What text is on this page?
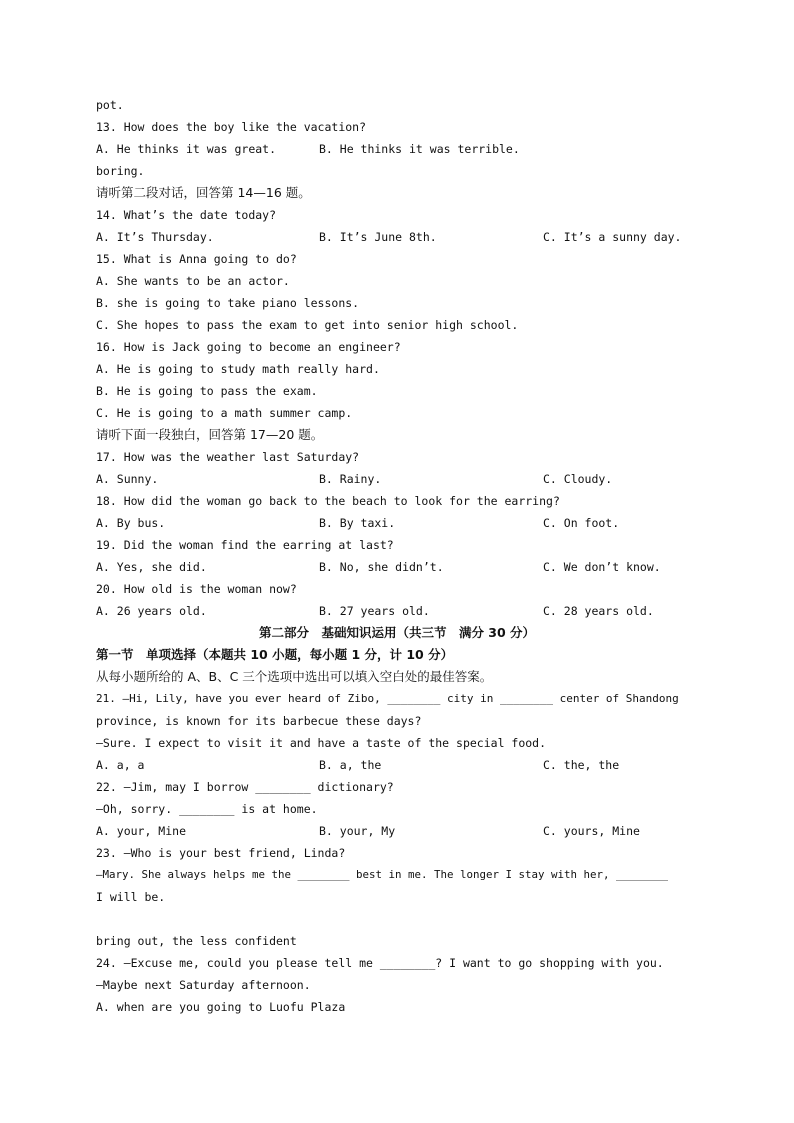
pot.
13. How does the boy like the vacation?
A. He thinks it was great.	B. He thinks it was terrible.

boring.
请听第二段对话，回答第 14—16 题。
14. What’s the date today?
A. It’s Thursday.	B. It’s June 8th.	C. It’s a sunny day.
15. What is Anna going to do?
A. She wants to be an actor.
B. she is going to take piano lessons.
C. She hopes to pass the exam to get into senior high school.
16. How is Jack going to become an engineer?
A. He is going to study math really hard.
B. He is going to pass the exam.
C. He is going to a math summer camp.
请听下面一段独白，回答第 17—20 题。
17. How was the weather last Saturday?
A. Sunny.	B. Rainy.	C. Cloudy.
18. How did the woman go back to the beach to look for the earring?
A. By bus.	B. By taxi.	C. On foot.
19. Did the woman find the earring at last?
A. Yes, she did.	B. No, she didn’t.	C. We don’t know.
20. How old is the woman now?
A. 26 years old.	B. 27 years old.	C. 28 years old.
第二部分　基础知识运用（共三节　满分 30 分）
第一节　单项选择（本题共 10 小题，每小题 1 分，计 10 分）
从每小题所给的 A、B、C 三个选项中选出可以填入空白处的最佳答案。
21. —Hi, Lily, have you ever heard of Zibo, ________ city in ________ center of Shandong
province, is known for its barbecue these days?
—Sure. I expect to visit it and have a taste of the special food.
A. a, a	B. a, the	C. the, the
22. —Jim, may I borrow ________ dictionary?
–Oh, sorry. ________ is at home.
A. your, Mine	B. your, My	C. yours, Mine
23. —Who is your best friend, Linda?
—Mary. She always helps me the ________ best in me. The longer I stay with her, ________
I will be.

bring out, the less confident
24. —Excuse me, could you please tell me ________? I want to go shopping with you.
—Maybe next Saturday afternoon.
A. when are you going to Luofu Plaza
